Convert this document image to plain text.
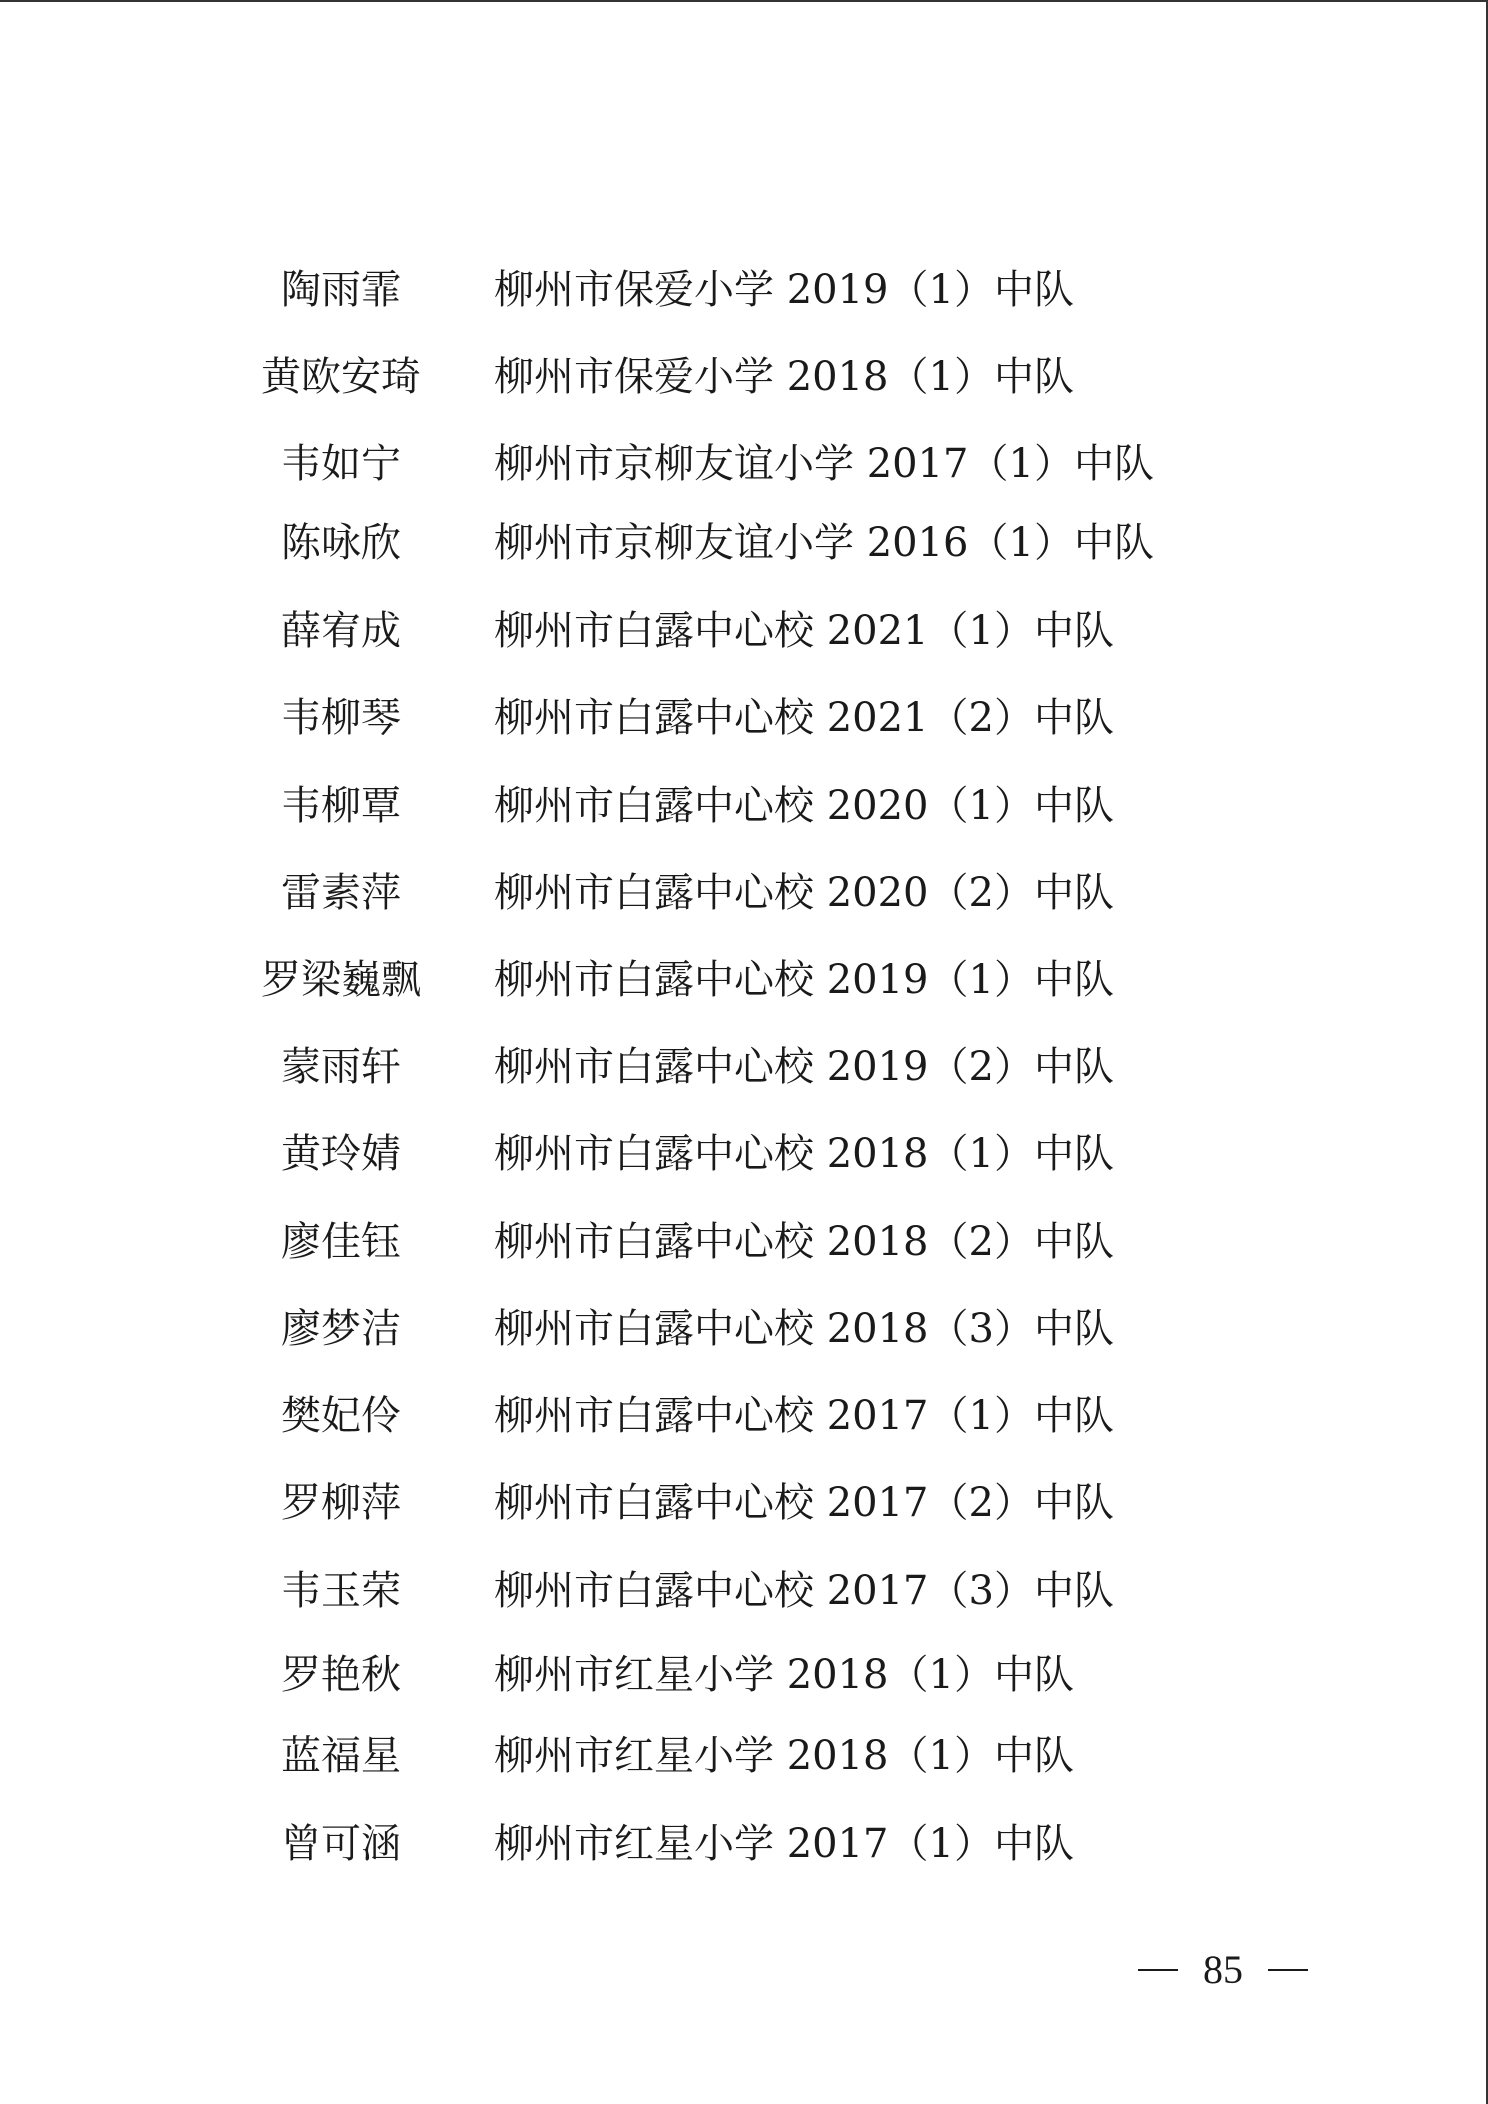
陶雨霏	柳州市保爱小学 2019（1）中队
黄欧安琦	柳州市保爱小学 2018（1）中队
韦如宁	柳州市京柳友谊小学 2017（1）中队
陈咏欣	柳州市京柳友谊小学 2016（1）中队
薛宥成	柳州市白露中心校 2021（1）中队
韦柳琴	柳州市白露中心校 2021（2）中队
韦柳覃	柳州市白露中心校 2020（1）中队
雷素萍	柳州市白露中心校 2020（2）中队
罗梁巍飘	柳州市白露中心校 2019（1）中队
蒙雨轩	柳州市白露中心校 2019（2）中队
黄玲婧	柳州市白露中心校 2018（1）中队
廖佳钰	柳州市白露中心校 2018（2）中队
廖梦洁	柳州市白露中心校 2018（3）中队
樊妃伶	柳州市白露中心校 2017（1）中队
罗柳萍	柳州市白露中心校 2017（2）中队
韦玉荣	柳州市白露中心校 2017（3）中队
罗艳秋	柳州市红星小学 2018（1）中队
蓝福星	柳州市红星小学 2018（1）中队
曾可涵	柳州市红星小学 2017（1）中队
85
